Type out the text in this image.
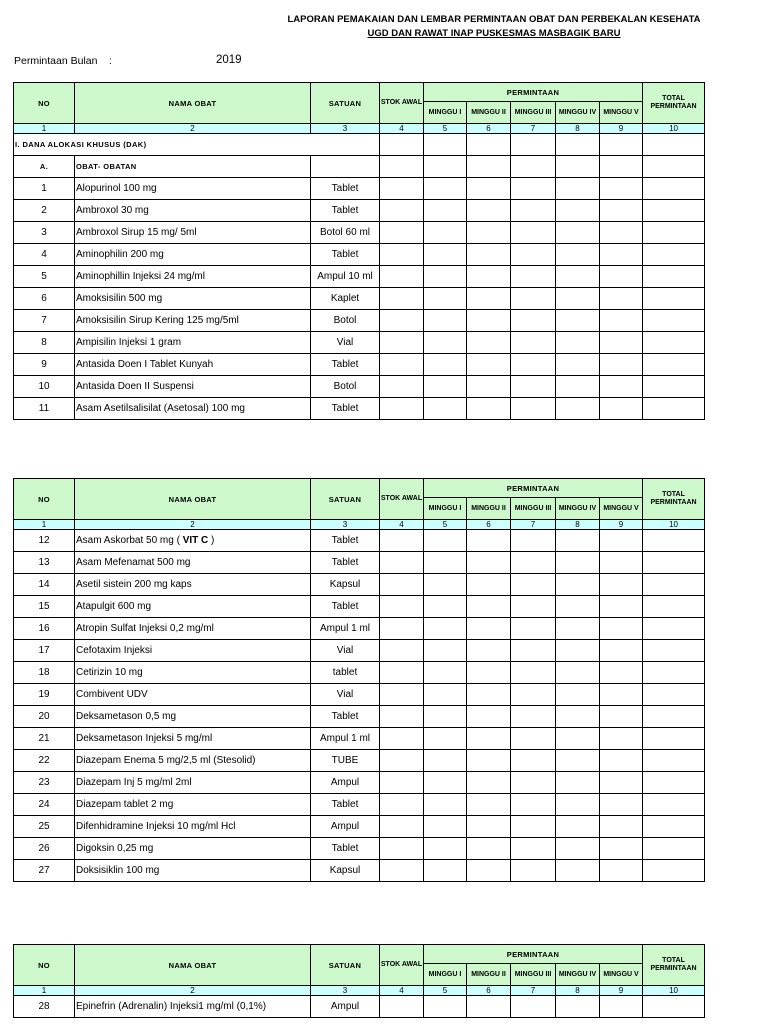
LAPORAN PEMAKAIAN DAN LEMBAR PERMINTAAN OBAT DAN PERBEKALAN KESEHATA
UGD DAN RAWAT INAP PUSKESMAS MASBAGIK BARU
Permintaan Bulan :	2019
NO	NAMA OBAT	SATUAN	STOK AWAL	PERMINTAAN					TOTAL PERMINTAAN
				MINGGU I	MINGGU II	MINGGU III	MINGGU IV	MINGGU V	
1	2	3	4	5	6	7	8	9	10
I. DANA ALOKASI KHUSUS (DAK)									
A.	OBAT- OBATAN								
1	Alopurinol 100 mg	Tablet							
2	Ambroxol 30 mg	Tablet							
3	Ambroxol Sirup 15 mg/ 5ml	Botol 60 ml							
4	Aminophilin 200 mg	Tablet							
5	Aminophillin Injeksi 24 mg/ml	Ampul 10 ml							
6	Amoksisilin 500 mg	Kaplet							
7	Amoksisilin Sirup Kering 125 mg/5ml	Botol							
8	Ampisilin Injeksi 1 gram	Vial							
9	Antasida Doen I Tablet Kunyah	Tablet							
10	Antasida Doen II Suspensi	Botol							
11	Asam Asetilsalisilat (Asetosal) 100 mg	Tablet							
NO	NAMA OBAT	SATUAN	STOK AWAL	PERMINTAAN					TOTAL PERMINTAAN
				MINGGU I	MINGGU II	MINGGU III	MINGGU IV	MINGGU V	
1	2	3	4	5	6	7	8	9	10
12	Asam Askorbat 50 mg ( VIT C )	Tablet							
13	Asam Mefenamat 500 mg	Tablet							
14	Asetil sistein 200 mg kaps	Kapsul							
15	Atapulgit 600 mg	Tablet							
16	Atropin Sulfat Injeksi 0,2 mg/ml	Ampul 1 ml							
17	Cefotaxim Injeksi	Vial							
18	Cetirizin 10 mg	tablet							
19	Combivent UDV	Vial							
20	Deksametason 0,5 mg	Tablet							
21	Deksametason Injeksi 5 mg/ml	Ampul 1 ml							
22	Diazepam Enema 5 mg/2,5 ml (Stesolid)	TUBE							
23	Diazepam Inj 5 mg/ml 2ml	Ampul							
24	Diazepam tablet 2 mg	Tablet							
25	Difenhidramine Injeksi 10 mg/ml Hcl	Ampul							
26	Digoksin 0,25 mg	Tablet							
27	Doksisiklin 100 mg	Kapsul							
NO	NAMA OBAT	SATUAN	STOK AWAL	PERMINTAAN					TOTAL PERMINTAAN
				MINGGU I	MINGGU II	MINGGU III	MINGGU IV	MINGGU V	
1	2	3	4	5	6	7	8	9	10
28	Epinefrin (Adrenalin) Injeksi1 mg/ml (0,1%)	Ampul							
